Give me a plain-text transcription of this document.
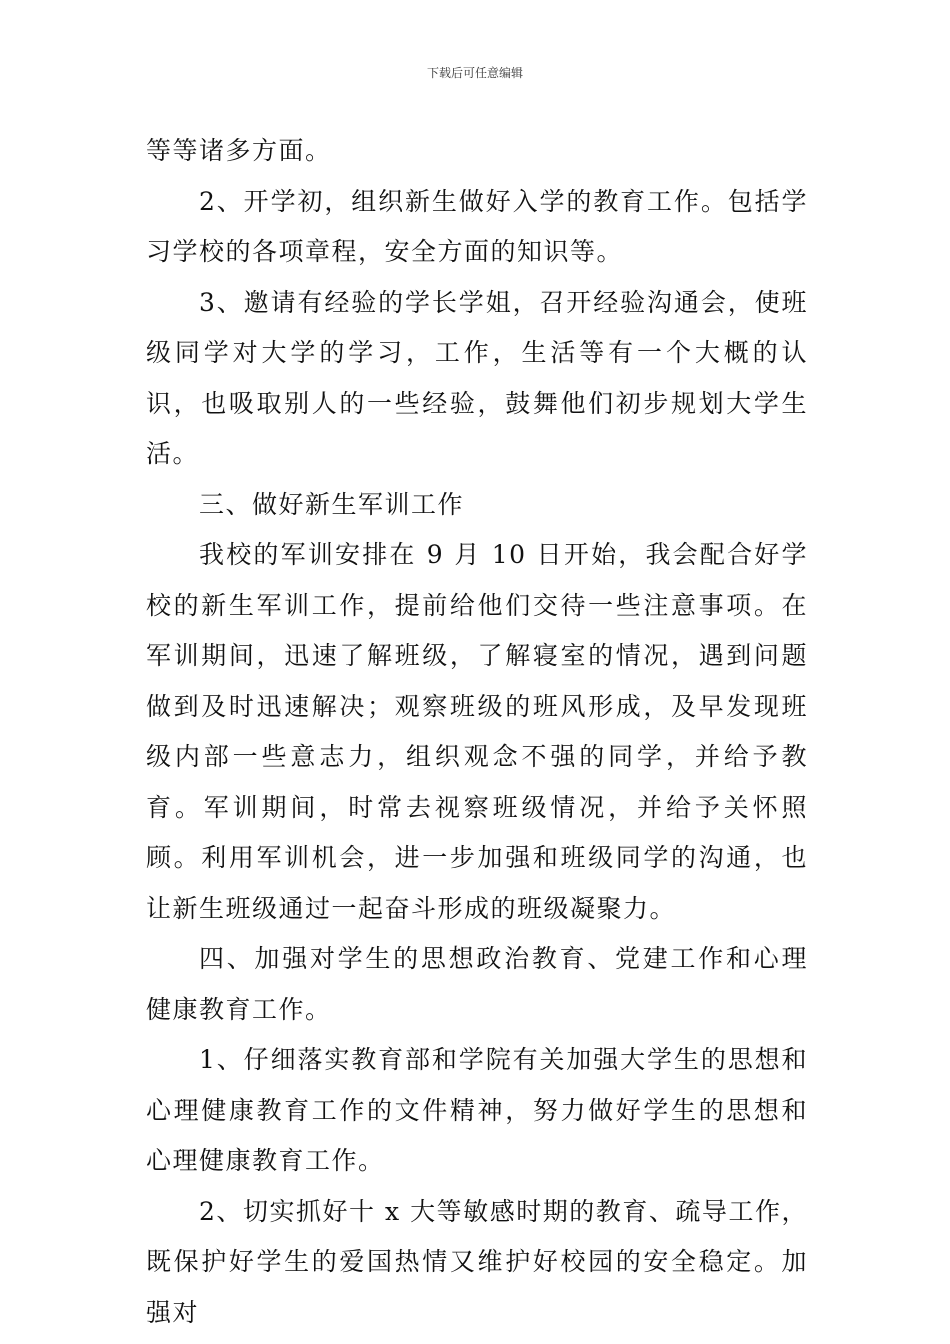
下载后可任意编辑

等等诸多方面。

2、开学初，组织新生做好入学的教育工作。包括学习学校的各项章程，安全方面的知识等。

3、邀请有经验的学长学姐，召开经验沟通会，使班级同学对大学的学习，工作，生活等有一个大概的认识，也吸取别人的一些经验，鼓舞他们初步规划大学生活。

三、做好新生军训工作

我校的军训安排在 9 月 10 日开始，我会配合好学校的新生军训工作，提前给他们交待一些注意事项。在军训期间，迅速了解班级，了解寝室的情况，遇到问题做到及时迅速解决；观察班级的班风形成，及早发现班级内部一些意志力，组织观念不强的同学，并给予教育。军训期间，时常去视察班级情况，并给予关怀照顾。利用军训机会，进一步加强和班级同学的沟通，也让新生班级通过一起奋斗形成的班级凝聚力。

四、加强对学生的思想政治教育、党建工作和心理健康教育工作。

1、仔细落实教育部和学院有关加强大学生的思想和心理健康教育工作的文件精神，努力做好学生的思想和心理健康教育工作。

2、切实抓好十 x 大等敏感时期的教育、疏导工作，既保护好学生的爱国热情又维护好校园的安全稳定。加强对
